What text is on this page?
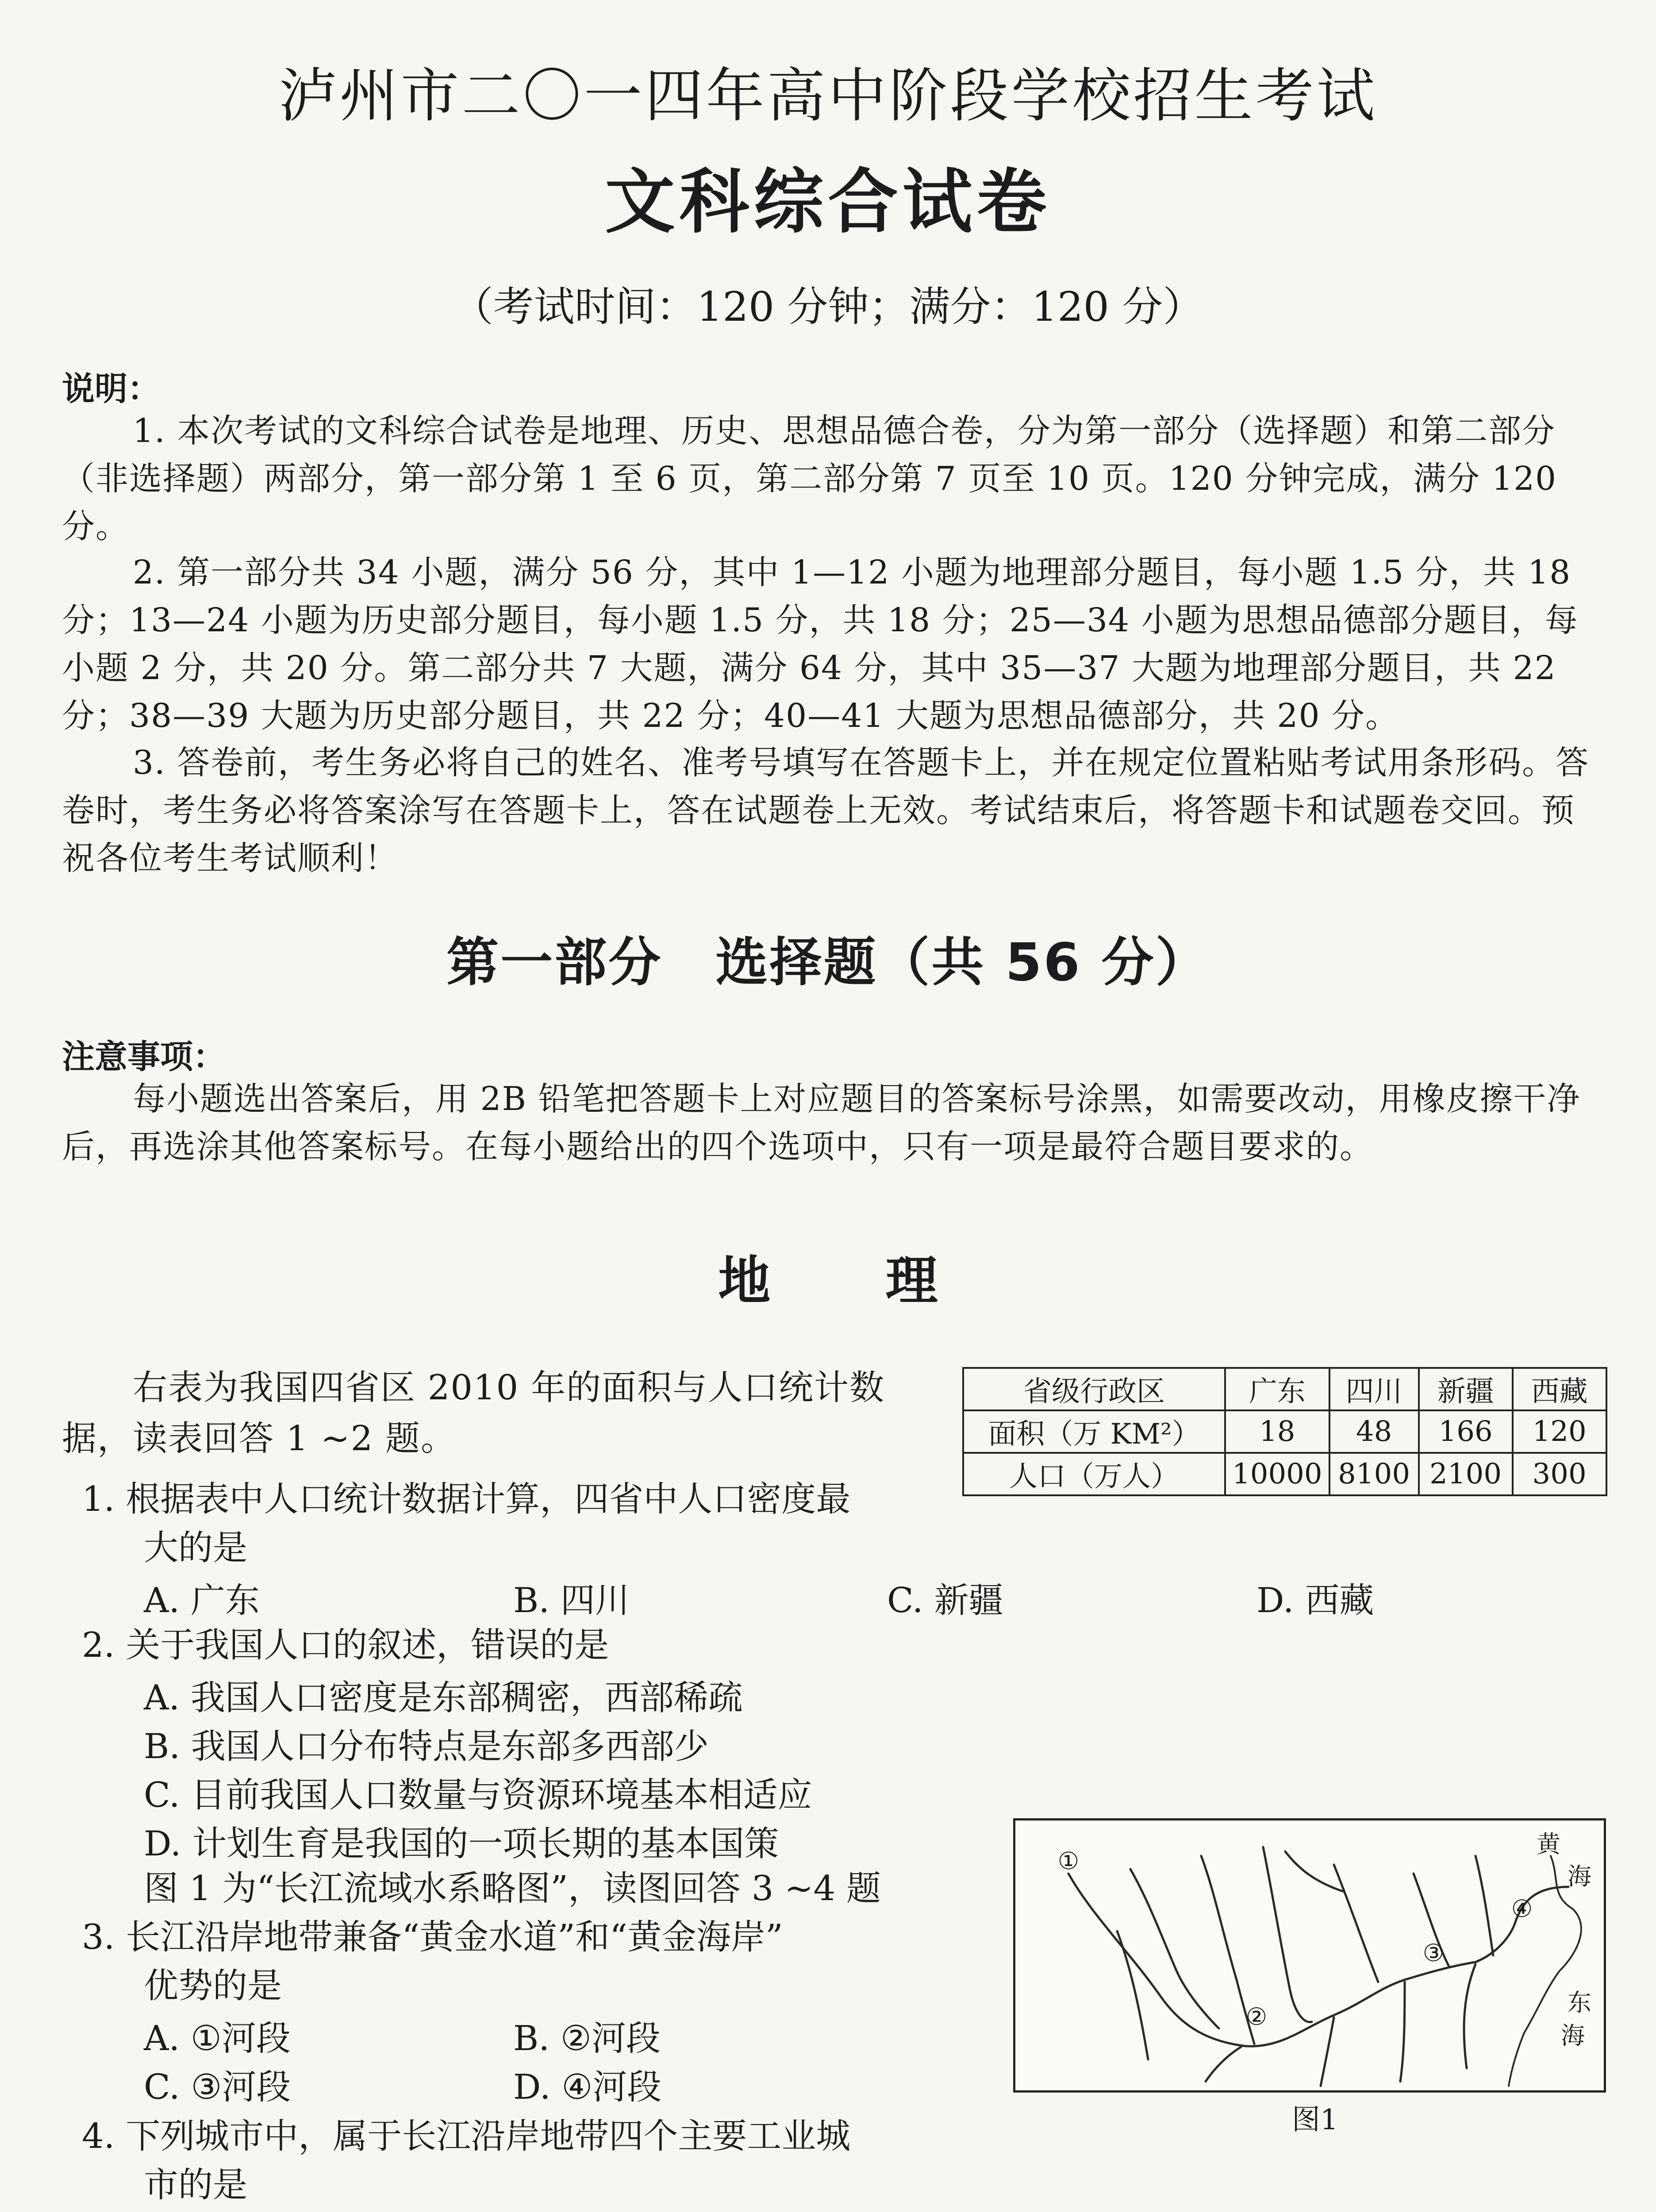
泸州市二〇一四年高中阶段学校招生考试
文科综合试卷
（考试时间：120 分钟；满分：120 分）
说明：
1. 本次考试的文科综合试卷是地理、历史、思想品德合卷，分为第一部分（选择题）和第二部分（非选择题）两部分，第一部分第 1 至 6 页，第二部分第 7 页至 10 页。120 分钟完成，满分 120 分。
2. 第一部分共 34 小题，满分 56 分，其中 1—12 小题为地理部分题目，每小题 1.5 分，共 18 分；13—24 小题为历史部分题目，每小题 1.5 分，共 18 分；25—34 小题为思想品德部分题目，每小题 2 分，共 20 分。第二部分共 7 大题，满分 64 分，其中 35—37 大题为地理部分题目，共 22 分；38—39 大题为历史部分题目，共 22 分；40—41 大题为思想品德部分，共 20 分。
3. 答卷前，考生务必将自己的姓名、准考号填写在答题卡上，并在规定位置粘贴考试用条形码。答卷时，考生务必将答案涂写在答题卡上，答在试题卷上无效。考试结束后，将答题卡和试题卷交回。预祝各位考生考试顺利！
第一部分 选择题（共 56 分）
注意事项：
每小题选出答案后，用 2B 铅笔把答题卡上对应题目的答案标号涂黑，如需要改动，用橡皮擦干净后，再选涂其他答案标号。在每小题给出的四个选项中，只有一项是最符合题目要求的。
地 理
右表为我国四省区 2010 年的面积与人口统计数据，读表回答 1 ~2 题。
省级行政区	广东	四川	新疆	西藏
面积（万 KM²）	18	48	166	120
人口（万人）	10000	8100	2100	300
1. 根据表中人口统计数据计算，四省中人口密度最
大的是
A. 广东	B. 四川	C. 新疆	D. 西藏
2. 关于我国人口的叙述，错误的是
A. 我国人口密度是东部稠密，西部稀疏
B. 我国人口分布特点是东部多西部少
C. 目前我国人口数量与资源环境基本相适应
D. 计划生育是我国的一项长期的基本国策
图 1 为“长江流域水系略图”，读图回答 3 ~4 题
3. 长江沿岸地带兼备“黄金水道”和“黄金海岸”
优势的是
A. ①河段	B. ②河段
C. ③河段	D. ④河段
4. 下列城市中，属于长江沿岸地带四个主要工业城
市的是
①
②
③
④
黄
海
东
海
图1
